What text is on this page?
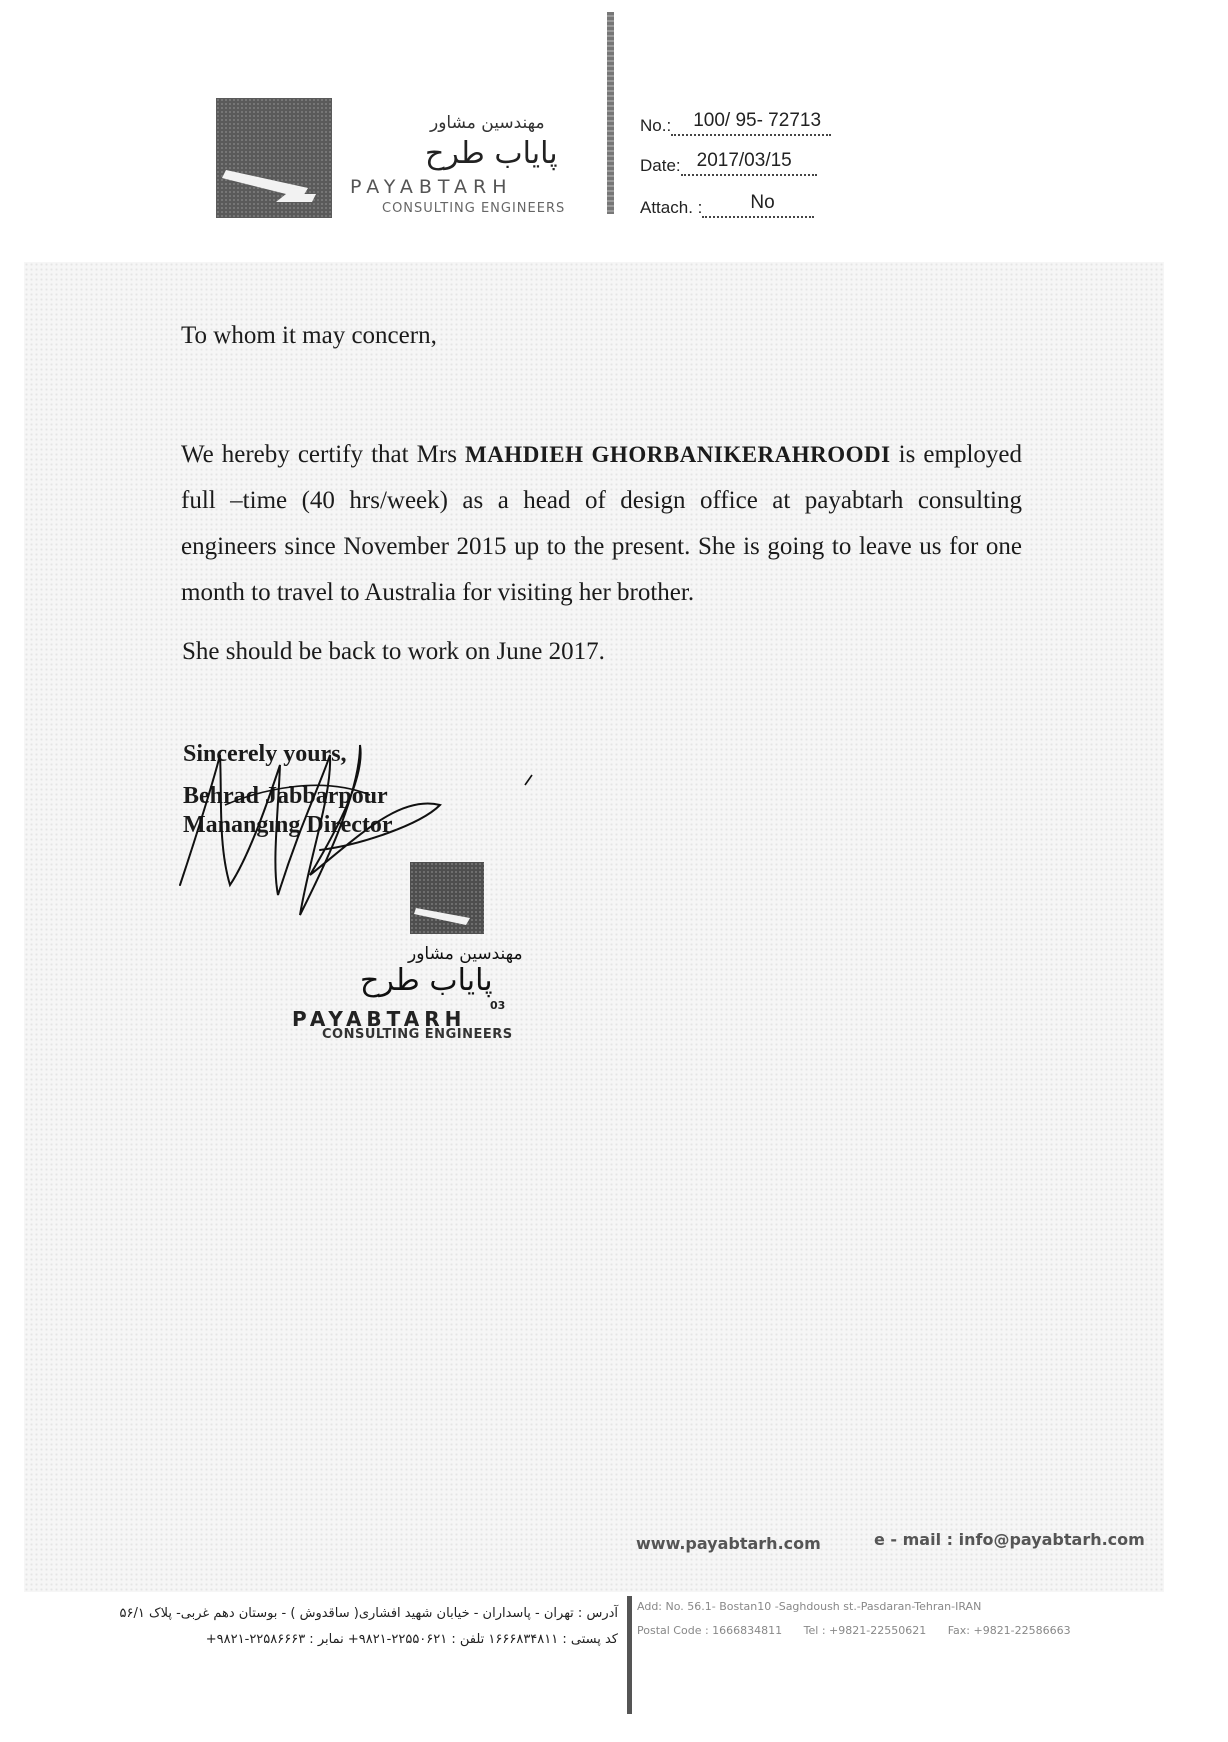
مهندسین مشاور
پایاب طرح
PAYABTARH
CONSULTING ENGINEERS
No.: 100/ 95- 72713
Date: 2017/03/15
Attach. :	No
To whom it may concern,
We hereby certify that Mrs MAHDIEH GHORBANIKERAHROODI is employed full –time (40 hrs/week) as a head of design office at payabtarh consulting engineers since November 2015 up to the present. She is going to leave us for one month to travel to Australia for visiting her brother.
She should be back to work on June 2017.
Sincerely yours,
Behrad Jabbarpour
Manangıng Director
مهندسین مشاور
پایاب طرح
PAYABTARH
03
CONSULTING ENGINEERS
www.payabtarh.com	e - mail : info@payabtarh.com
آدرس : تهران - پاسداران - خیابان شهید افشاری( ساقدوش ) - بوستان دهم غربی- پلاک ۵۶/۱
کد پستی : ۱۶۶۶۸۳۴۸۱۱ تلفن : ۲۲۵۵۰۶۲۱-۹۸۲۱+ نمابر : ۲۲۵۸۶۶۶۳-۹۸۲۱+
Add: No. 56.1- Bostan10 -Saghdoush st.-Pasdaran-Tehran-IRAN
Postal Code : 1666834811 Tel : +9821-22550621 Fax: +9821-22586663
